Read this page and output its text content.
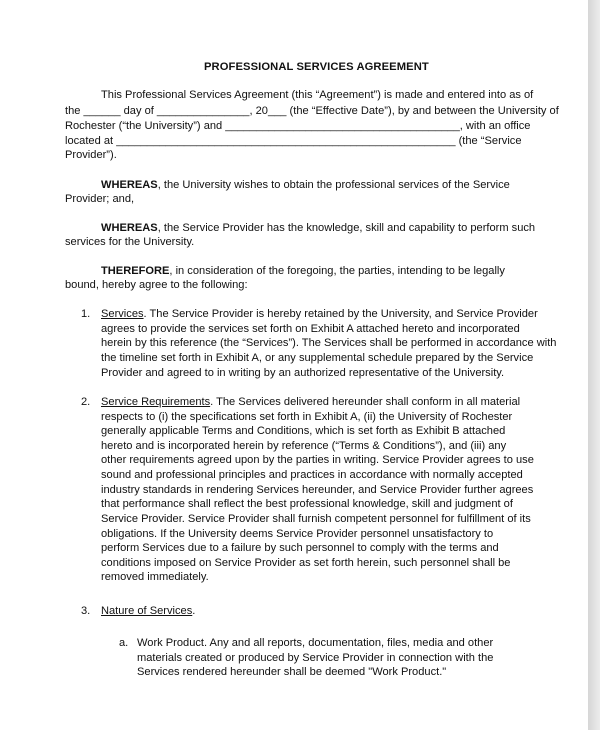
PROFESSIONAL SERVICES AGREEMENT
This Professional Services Agreement (this “Agreement”) is made and entered into as of
the ______ day of _______________, 20___ (the “Effective Date”), by and between the University of
Rochester (“the University”) and ______________________________________, with an office
located at _______________________________________________________ (the “Service
Provider”).
WHEREAS, the University wishes to obtain the professional services of the Service
Provider; and,
WHEREAS, the Service Provider has the knowledge, skill and capability to perform such
services for the University.
THEREFORE, in consideration of the foregoing, the parties, intending to be legally
bound, hereby agree to the following:
1. Services. The Service Provider is hereby retained by the University, and Service Provider
agrees to provide the services set forth on Exhibit A attached hereto and incorporated
herein by this reference (the “Services”). The Services shall be performed in accordance with
the timeline set forth in Exhibit A, or any supplemental schedule prepared by the Service
Provider and agreed to in writing by an authorized representative of the University.
2. Service Requirements. The Services delivered hereunder shall conform in all material
respects to (i) the specifications set forth in Exhibit A, (ii) the University of Rochester
generally applicable Terms and Conditions, which is set forth as Exhibit B attached
hereto and is incorporated herein by reference (“Terms & Conditions”), and (iii) any
other requirements agreed upon by the parties in writing. Service Provider agrees to use
sound and professional principles and practices in accordance with normally accepted
industry standards in rendering Services hereunder, and Service Provider further agrees
that performance shall reflect the best professional knowledge, skill and judgment of
Service Provider. Service Provider shall furnish competent personnel for fulfillment of its
obligations. If the University deems Service Provider personnel unsatisfactory to
perform Services due to a failure by such personnel to comply with the terms and
conditions imposed on Service Provider as set forth herein, such personnel shall be
removed immediately.
3. Nature of Services.
a. Work Product. Any and all reports, documentation, files, media and other
materials created or produced by Service Provider in connection with the
Services rendered hereunder shall be deemed "Work Product."
